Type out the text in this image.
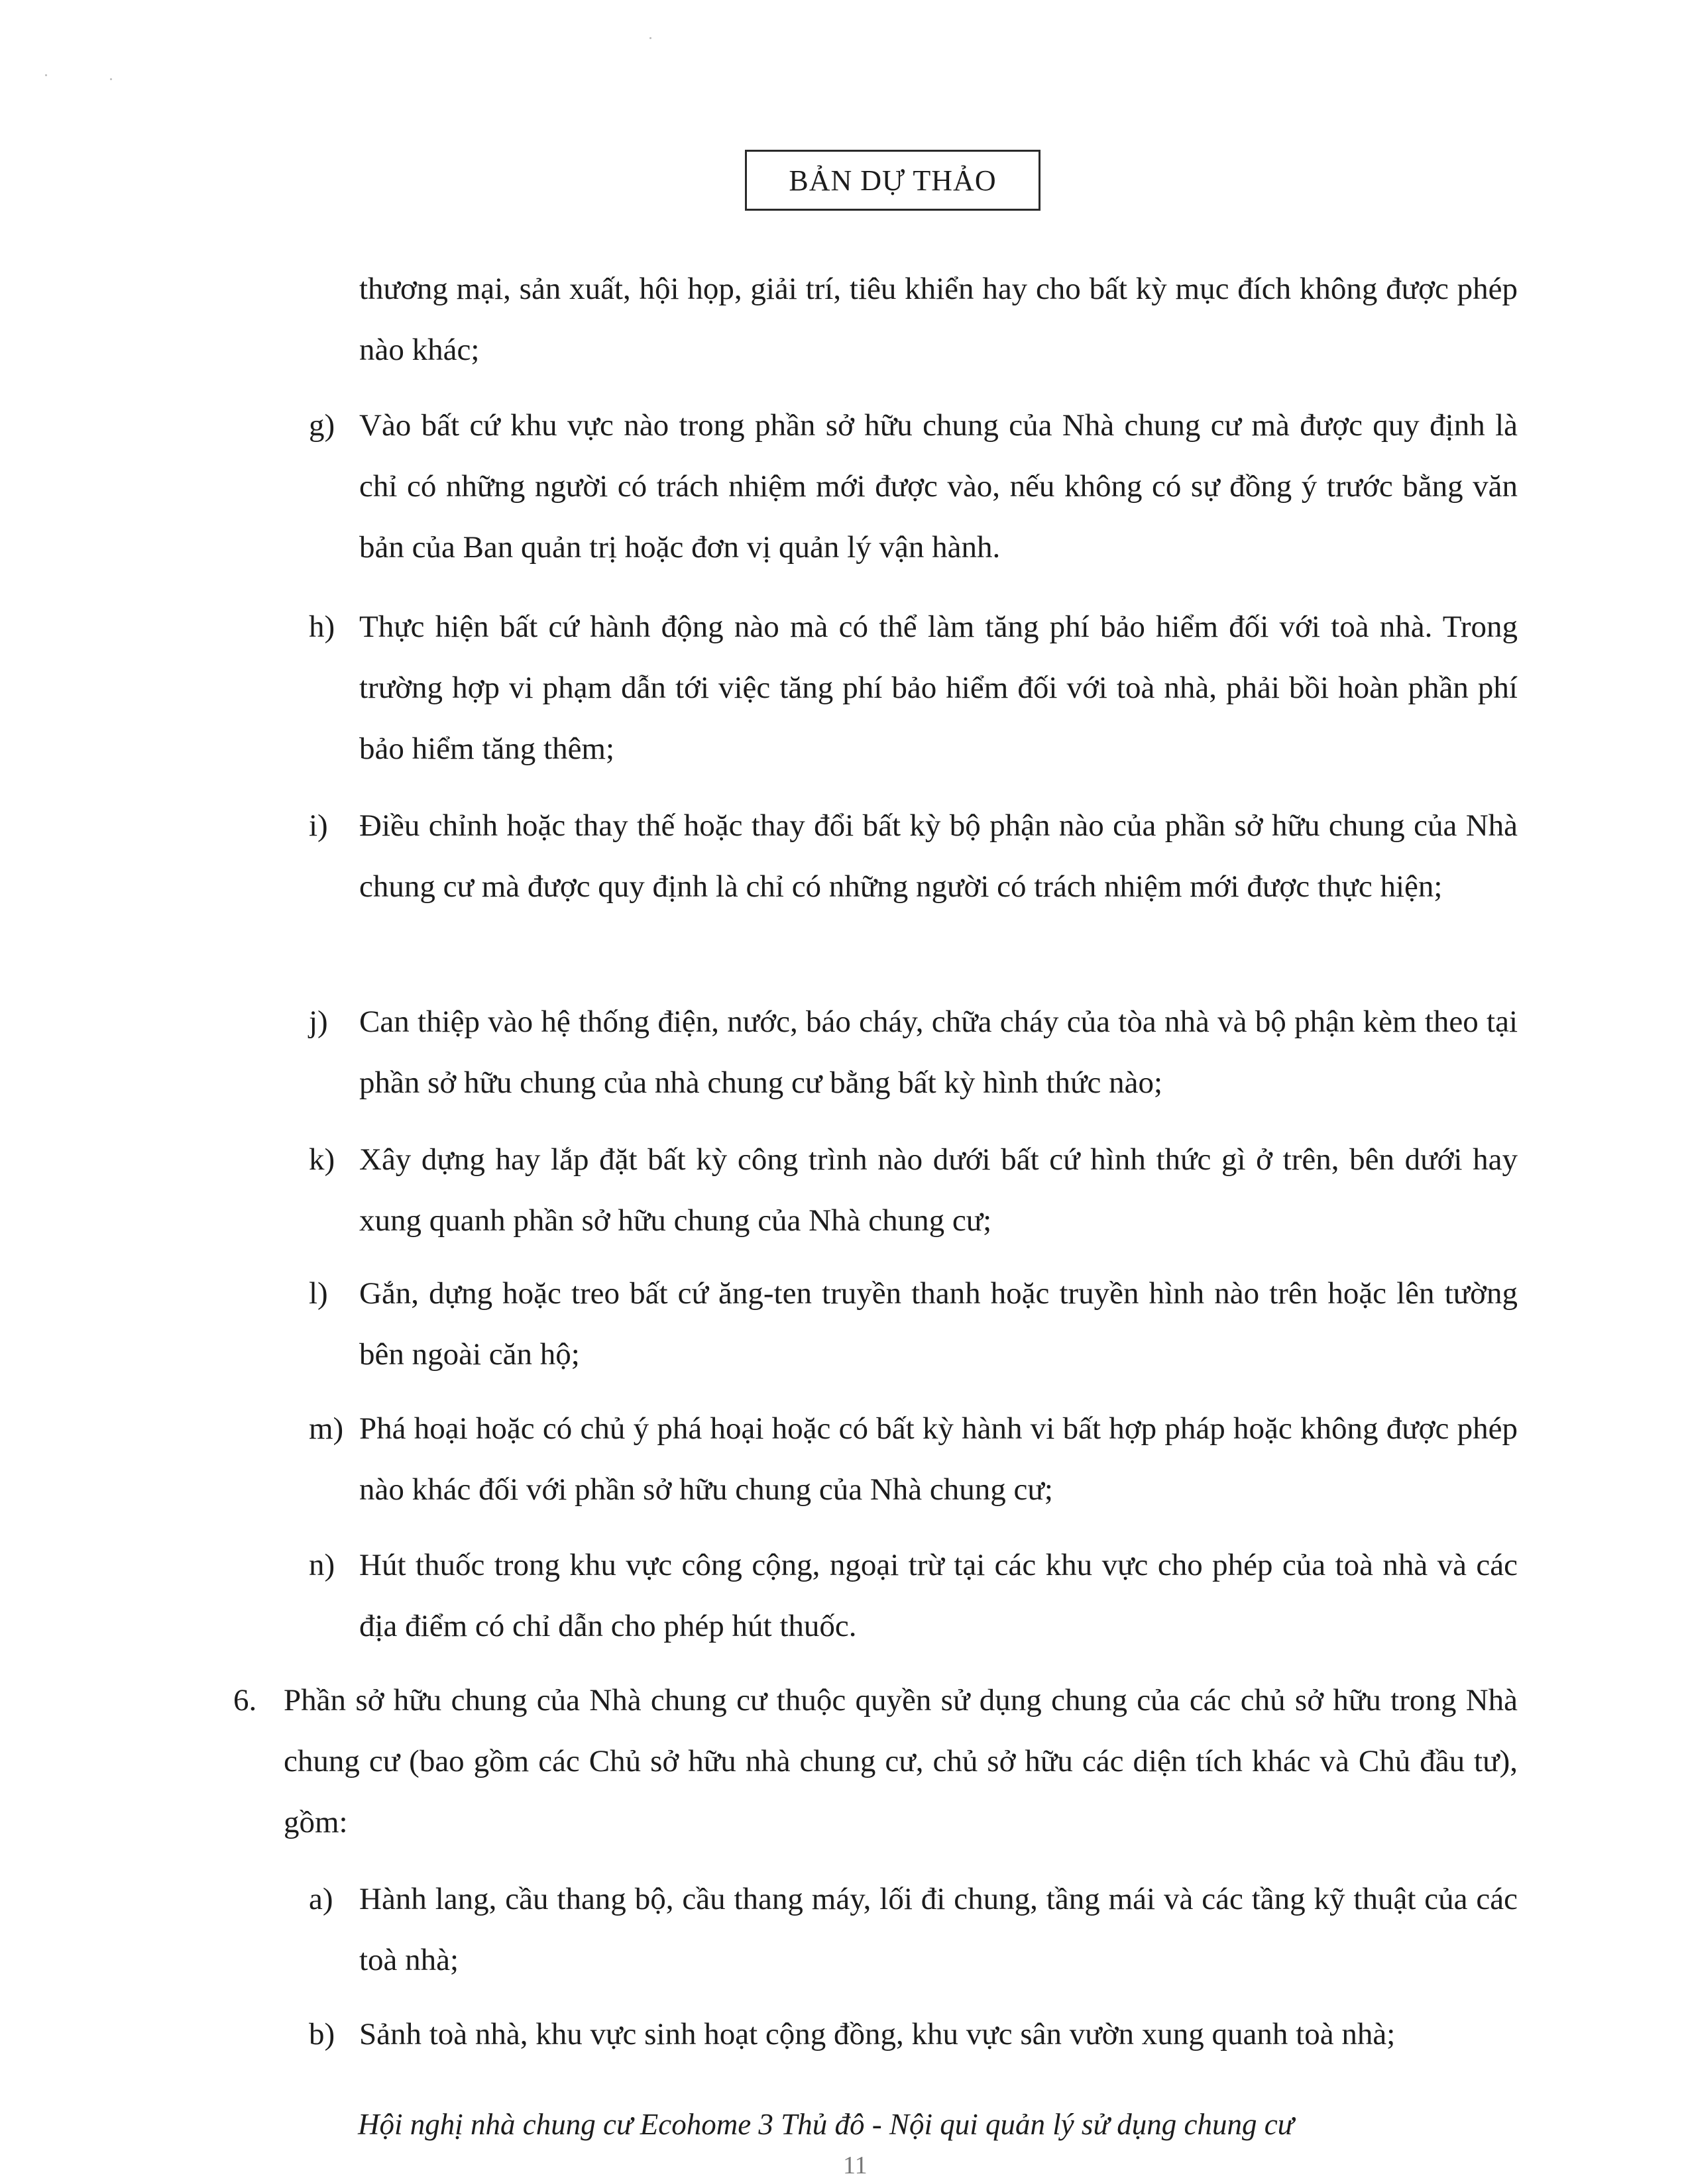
BẢN DỰ THẢO
thương mại, sản xuất, hội họp, giải trí, tiêu khiển hay cho bất kỳ mục đích không được phép nào khác;
g) Vào bất cứ khu vực nào trong phần sở hữu chung của Nhà chung cư mà được quy định là chỉ có những người có trách nhiệm mới được vào, nếu không có sự đồng ý trước bằng văn bản của Ban quản trị hoặc đơn vị quản lý vận hành.
h) Thực hiện bất cứ hành động nào mà có thể làm tăng phí bảo hiểm đối với toà nhà. Trong trường hợp vi phạm dẫn tới việc tăng phí bảo hiểm đối với toà nhà, phải bồi hoàn phần phí bảo hiểm tăng thêm;
i) Điều chỉnh hoặc thay thế hoặc thay đổi bất kỳ bộ phận nào của phần sở hữu chung của Nhà chung cư mà được quy định là chỉ có những người có trách nhiệm mới được thực hiện;
j) Can thiệp vào hệ thống điện, nước, báo cháy, chữa cháy của tòa nhà và bộ phận kèm theo tại phần sở hữu chung của nhà chung cư bằng bất kỳ hình thức nào;
k) Xây dựng hay lắp đặt bất kỳ công trình nào dưới bất cứ hình thức gì ở trên, bên dưới hay xung quanh phần sở hữu chung của Nhà chung cư;
l) Gắn, dựng hoặc treo bất cứ ăng-ten truyền thanh hoặc truyền hình nào trên hoặc lên tường bên ngoài căn hộ;
m) Phá hoại hoặc có chủ ý phá hoại hoặc có bất kỳ hành vi bất hợp pháp hoặc không được phép nào khác đối với phần sở hữu chung của Nhà chung cư;
n) Hút thuốc trong khu vực công cộng, ngoại trừ tại các khu vực cho phép của toà nhà và các địa điểm có chỉ dẫn cho phép hút thuốc.
6. Phần sở hữu chung của Nhà chung cư thuộc quyền sử dụng chung của các chủ sở hữu trong Nhà chung cư (bao gồm các Chủ sở hữu nhà chung cư, chủ sở hữu các diện tích khác và Chủ đầu tư), gồm:
a) Hành lang, cầu thang bộ, cầu thang máy, lối đi chung, tầng mái và các tầng kỹ thuật của các toà nhà;
b) Sảnh toà nhà, khu vực sinh hoạt cộng đồng, khu vực sân vườn xung quanh toà nhà;
Hội nghị nhà chung cư Ecohome 3 Thủ đô - Nội qui quản lý sử dụng chung cư
11
